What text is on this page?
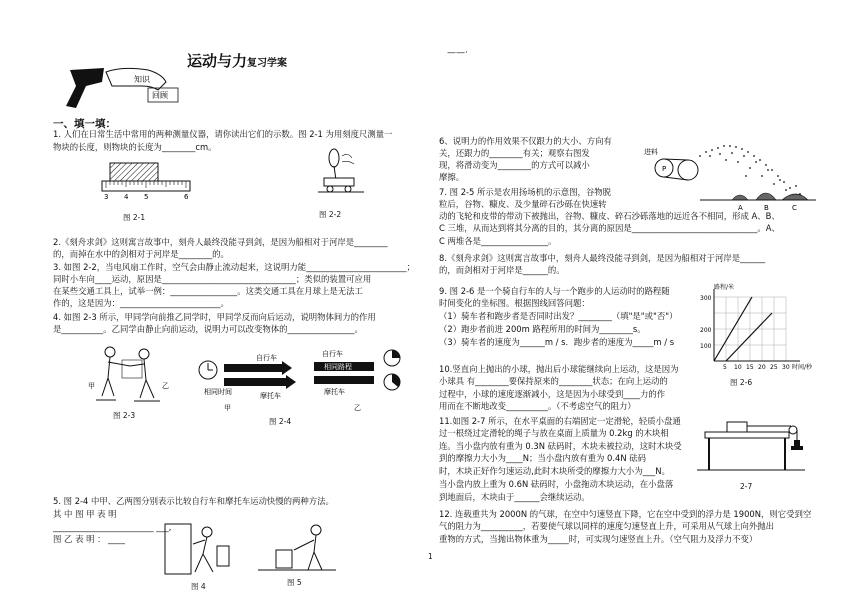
运动与力复习学案
——·
知识
回顾
一、填一填：
1. 人们在日常生活中常用的两种测量仪器，请你读出它们的示数。图 2-1 为用刻度尺测量一
物块的长度，则物块的长度为________cm。
3	5	6
4
图 2-1	图 2-2
2.《刻舟求剑》这则寓言故事中，刻舟人最终没能寻到剑，是因为船相对于河岸是________
的，而掉在水中的剑相对于河岸是________的。
3. 如图 2-2，当电风扇工作时，空气会由静止流动起来，这说明力能________________________；
同时小车向____运动，原因是________________________________；类似的装置可应用
在某些交通工具上，试举一例：________________。这类交通工具在月球上是无法工
作的，这是因为：________________________。
4. 如图 2-3 所示，甲同学向前推乙同学时，甲同学反而向后运动，说明物体间力的作用
是__________。乙同学由静止向前运动，说明力可以改变物体的________________。
甲	乙
图 2-3
自行车
摩托车
相同时间
甲
自行车
相同路程
摩托车
乙
图 2-4
5. 图 2-4 中甲、乙两图分别表示比较自行车和摩托车运动快慢的两种方法。
其 中 图 甲 表 明
________________________ ___,
图 乙 表 明 ： ____
图 4	图 5
6、说明力的作用效果不仅跟力的大小、方向有
关，还跟力的________有关；观察右图发
现，将滑动变为________的方式可以减小
摩擦。
进料
P
A	B	C
7. 图 2-5 所示是农用扬场机的示意图，谷物脱
粒后，谷物、糠皮、及少量碎石沙砾在快速转
动的飞轮和皮带的带动下被抛出，谷物、糠皮、碎石沙砾落地的远近各不相同，形成 A、B、
C 三堆，从而达到将其分离的目的，其分离的原因是______________________________。A、
C 两堆各是________________。
8.《刻舟求剑》这则寓言故事中，刻舟人最终没能寻到剑，是因为船相对于河岸是______
的，而剑相对于河岸是______的。
9. 图 2-6 是一个骑自行车的人与一个跑步的人运动时的路程随
时间变化的坐标图。根据图线回答问题：
（1）骑车者和跑步者是否同时出发？________（填"是"或"否"）
（2）跑步者前进 200m 路程所用的时间为________s。
（3）骑车者的速度为______m / s．跑步者的速度为_____m / s
路程/米
300
200
100
5 10 15 20 25 30 时间/秒
图 2-6
10.竖直向上抛出的小球，抛出后小球能继续向上运动，这是因为
小球具 有________要保持原来的________状态；在向上运动的
过程中，小球的速度逐渐减小，这是因为小球受到____力的作
用而在不断地改变__________。（不考虑空气的阻力）
11.如图 2-7 所示，在水平桌面的右端固定一定滑轮，轻质小盘通
过一根绕过定滑轮的绳子与放在桌面上质量为 0.2kg 的木块相
连。当小盘内放有重为 0.3N 砝码时，木块未被拉动，这时木块受
到的摩擦力大小为____N；当小盘内放有重为 0.4N 砝码
时，木块正好作匀速运动,此时木块所受的摩擦力大小为___N。
当小盘内放上重为 0.6N 砝码时，小盘拖动木块运动，在小盘落
到地面后，木块由于______会继续运动。
2-7
12. 连载重共为 2000N 的气球，在空中匀速竖直下降，它在空中受到的浮力是 1900N，则它受到空
气的阻力为__________，若要使气球以同样的速度匀速竖直上升，可采用从气球上向外抛出
重物的方式，当抛出物体重为_____时，可实现匀速竖直上升。（空气阻力及浮力不变）
1
